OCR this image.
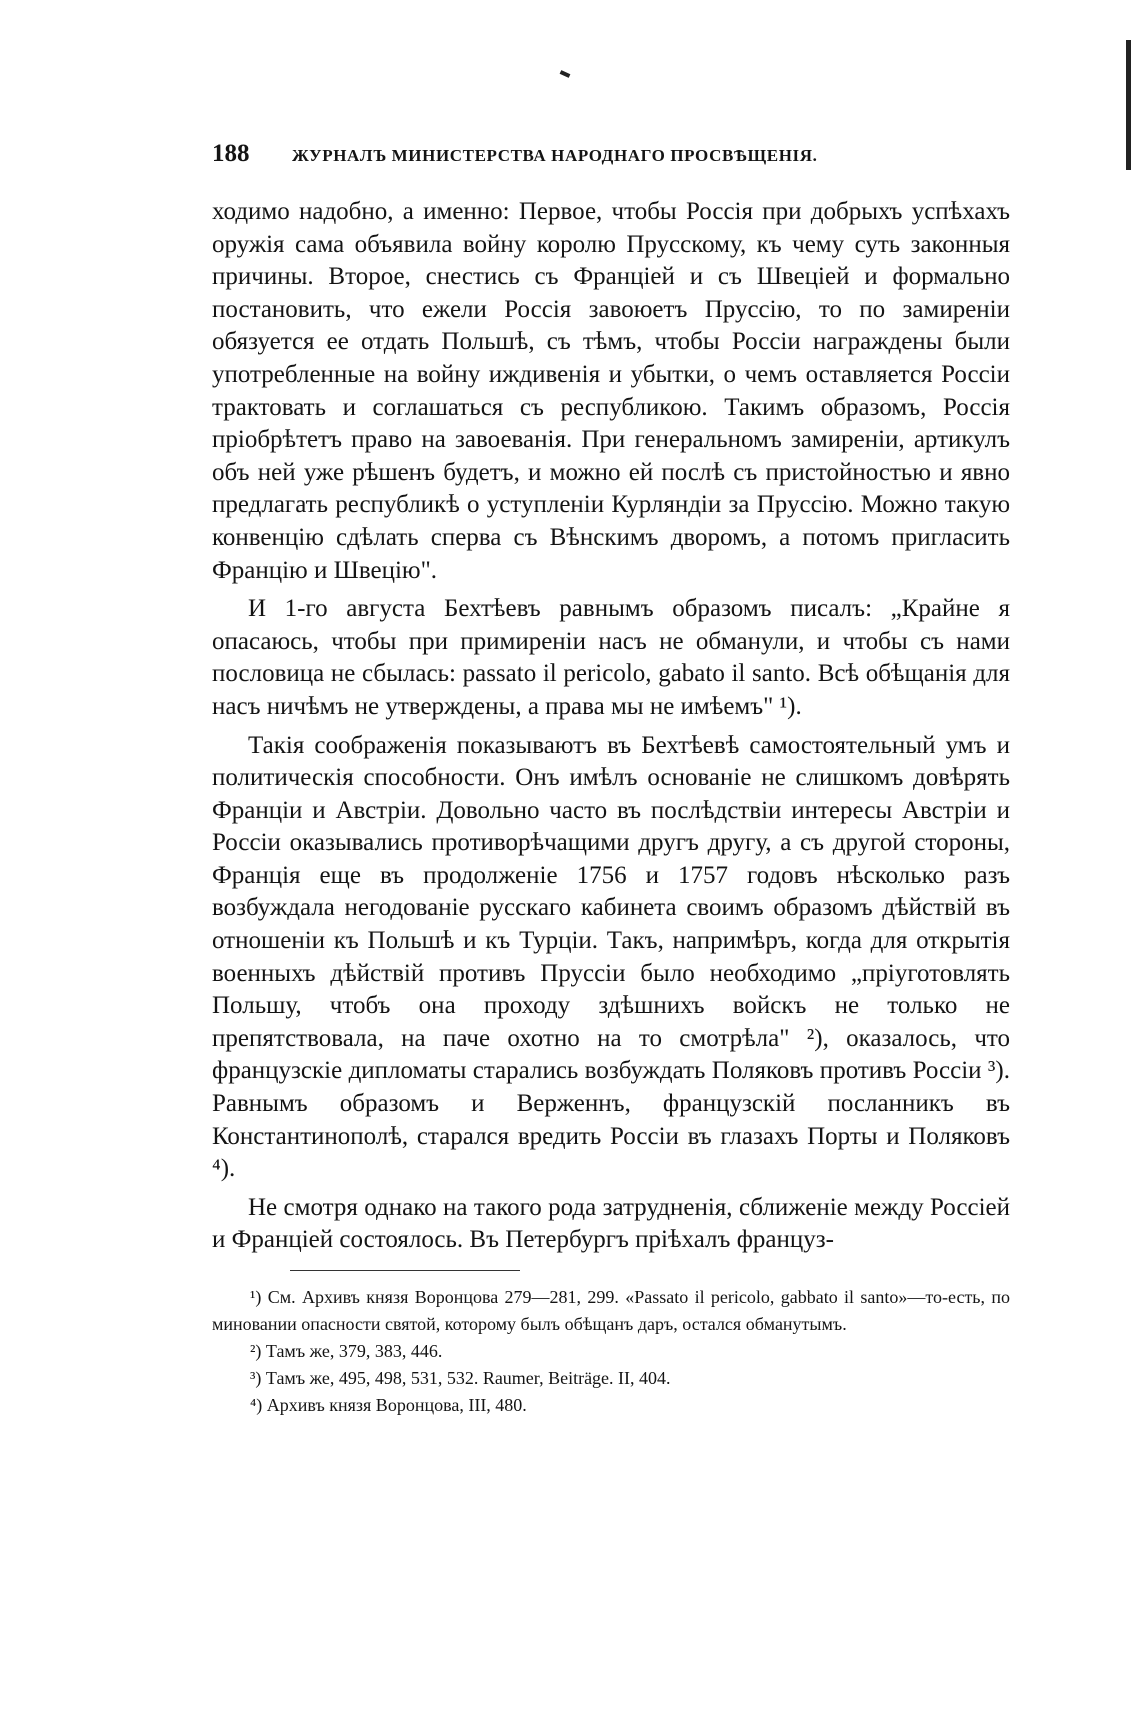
188	ЖУРНАЛЪ МИНИСТЕРСТВА НАРОДНАГО ПРОСВѢЩЕНІЯ.

ходимо надобно, а именно: Первое, чтобы Россія при добрыхъ успѣхахъ оружія сама объявила войну королю Прусскому, къ чему суть законныя причины. Второе, снестись съ Франціей и съ Швеціей и формально постановить, что ежели Россія завоюетъ Пруссію, то по замиреніи обязуется ее отдать Польшѣ, съ тѣмъ, чтобы Россіи награждены были употребленные на войну иждивенія и убытки, о чемъ оставляется Россіи трактовать и соглашаться съ республикою. Такимъ образомъ, Россія пріобрѣтетъ право на завоеванія. При генеральномъ замиреніи, артикулъ объ ней уже рѣшенъ будетъ, и можно ей послѣ съ пристойностью и явно предлагать республикѣ о уступленіи Курляндіи за Пруссію. Можно такую конвенцію сдѣлать сперва съ Вѣнскимъ дворомъ, а потомъ пригласить Францію и Швецію".

И 1-го августа Бехтѣевъ равнымъ образомъ писалъ: „Крайне я опасаюсь, чтобы при примиреніи насъ не обманули, и чтобы съ нами пословица не сбылась: passato il pericolo, gabato il santo. Всѣ обѣщанія для насъ ничѣмъ не утверждены, а права мы не имѣемъ" ¹).

Такія соображенія показываютъ въ Бехтѣевѣ самостоятельный умъ и политическія способности. Онъ имѣлъ основаніе не слишкомъ довѣрять Франціи и Австріи. Довольно часто въ послѣдствіи интересы Австріи и Россіи оказывались противорѣчащими другъ другу, а съ другой стороны, Франція еще въ продолженіе 1756 и 1757 годовъ нѣсколько разъ возбуждала негодованіе русскаго кабинета своимъ образомъ дѣйствій въ отношеніи къ Польшѣ и къ Турціи. Такъ, напримѣръ, когда для открытія военныхъ дѣйствій противъ Пруссіи было необходимо „пріуготовлять Польшу, чтобъ она проходу здѣшнихъ войскъ не только не препятствовала, на паче охотно на то смотрѣла" ²), оказалось, что французскіе дипломаты старались возбуждать Поляковъ противъ Россіи ³). Равнымъ образомъ и Верженнъ, французскій посланникъ въ Константинополѣ, старался вредить Россіи въ глазахъ Порты и Поляковъ ⁴).

Не смотря однако на такого рода затрудненія, сближеніе между Россіей и Франціей состоялось. Въ Петербургъ пріѣхалъ француз-

¹) См. Архивъ князя Воронцова 279—281, 299. «Passato il pericolo, gabbato il santo»—то-есть, по миновании опасности святой, которому былъ обѣщанъ даръ, остался обманутымъ.

²) Тамъ же, 379, 383, 446.

³) Тамъ же, 495, 498, 531, 532. Raumer, Beiträge. II, 404.

⁴) Архивъ князя Воронцова, III, 480.
